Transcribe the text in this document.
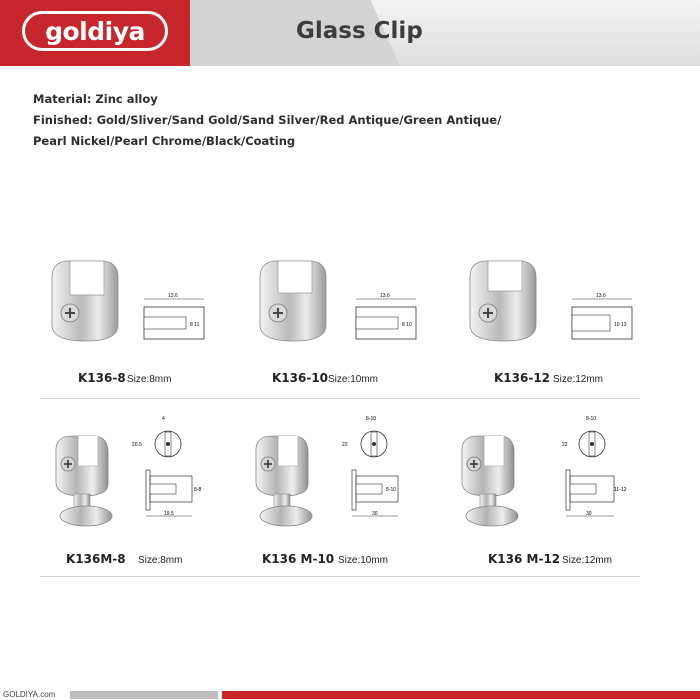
goldiya	Glass Clip
Material: Zinc alloy
Finished: Gold/Sliver/Sand Gold/Sand Silver/Red Antique/Green Antique/
Pearl Nickel/Pearl Chrome/Black/Coating
13.6
8 11
K136-8 Size:8mm
13.6
8 10
K136-10 Size:10mm
13.6
10 13
K136-12 Size:12mm
4
20.5
8-8
19.5
K136M-8 Size:8mm
8-10
22
8-10
30
K136 M-10 Size:10mm
8-10
22
11-12
30
K136 M-12 Size:12mm
GOLDIYA.com
